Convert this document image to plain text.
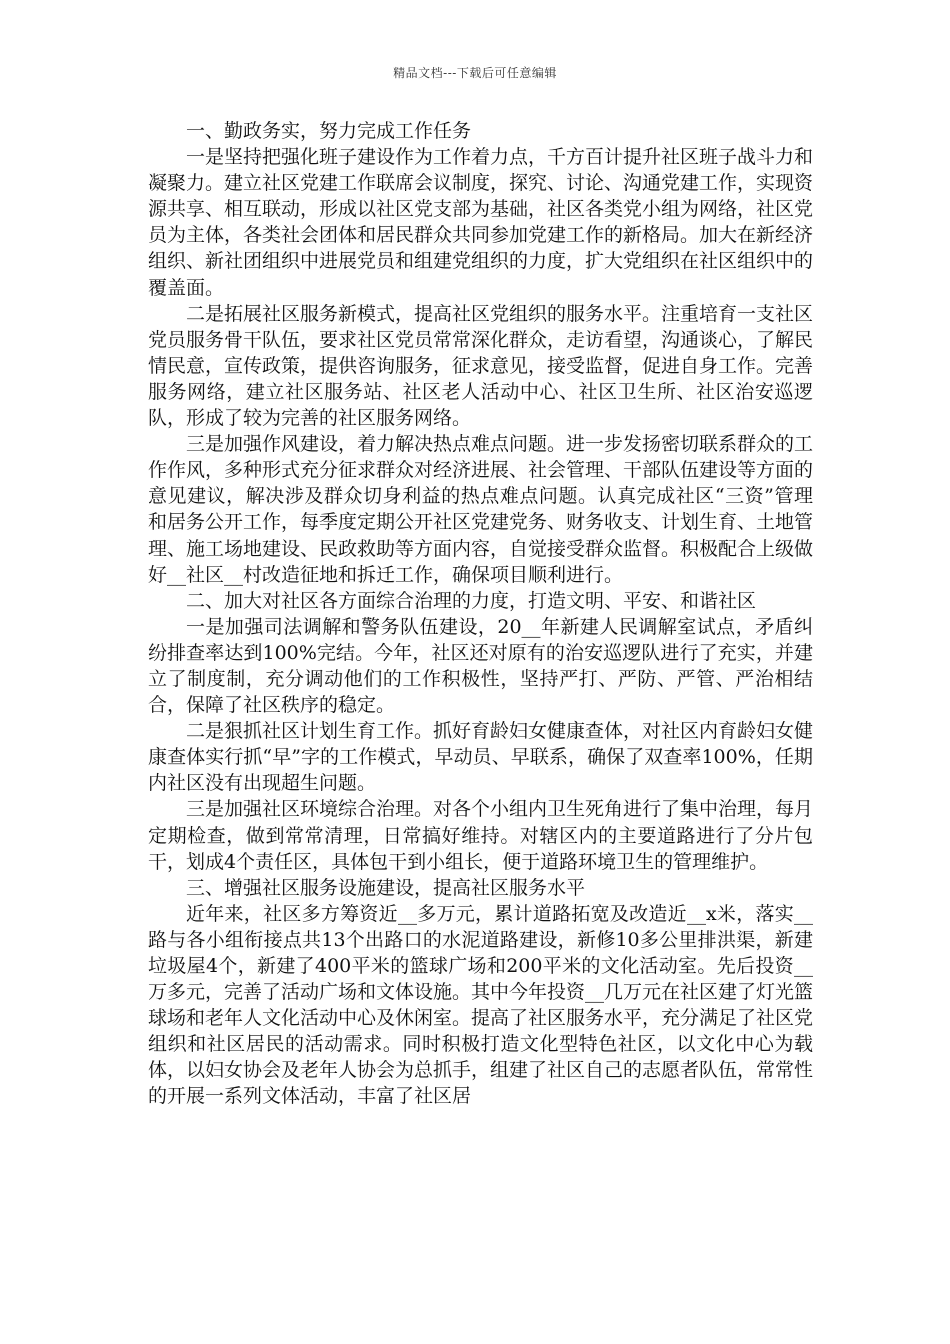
精品文档---下载后可任意编辑

一、勤政务实，努力完成工作任务

一是坚持把强化班子建设作为工作着力点，千方百计提升社区班子战斗力和凝聚力。建立社区党建工作联席会议制度，探究、讨论、沟通党建工作，实现资源共享、相互联动，形成以社区党支部为基础，社区各类党小组为网络，社区党员为主体，各类社会团体和居民群众共同参加党建工作的新格局。加大在新经济组织、新社团组织中进展党员和组建党组织的力度，扩大党组织在社区组织中的覆盖面。

二是拓展社区服务新模式，提高社区党组织的服务水平。注重培育一支社区党员服务骨干队伍，要求社区党员常常深化群众，走访看望，沟通谈心，了解民情民意，宣传政策，提供咨询服务，征求意见，接受监督，促进自身工作。完善服务网络，建立社区服务站、社区老人活动中心、社区卫生所、社区治安巡逻队，形成了较为完善的社区服务网络。

三是加强作风建设，着力解决热点难点问题。进一步发扬密切联系群众的工作作风，多种形式充分征求群众对经济进展、社会管理、干部队伍建设等方面的意见建议，解决涉及群众切身利益的热点难点问题。认真完成社区“三资”管理和居务公开工作，每季度定期公开社区党建党务、财务收支、计划生育、土地管理、施工场地建设、民政救助等方面内容，自觉接受群众监督。积极配合上级做好__社区__村改造征地和拆迁工作，确保项目顺利进行。

二、加大对社区各方面综合治理的力度，打造文明、平安、和谐社区

一是加强司法调解和警务队伍建设，20__年新建人民调解室试点，矛盾纠纷排查率达到100%完结。今年，社区还对原有的治安巡逻队进行了充实，并建立了制度制，充分调动他们的工作积极性，坚持严打、严防、严管、严治相结合，保障了社区秩序的稳定。

二是狠抓社区计划生育工作。抓好育龄妇女健康查体，对社区内育龄妇女健康查体实行抓“早”字的工作模式，早动员、早联系，确保了双查率100%，任期内社区没有出现超生问题。

三是加强社区环境综合治理。对各个小组内卫生死角进行了集中治理，每月定期检查，做到常常清理，日常搞好维持。对辖区内的主要道路进行了分片包干，划成4个责任区，具体包干到小组长，便于道路环境卫生的管理维护。

三、增强社区服务设施建设，提高社区服务水平

近年来，社区多方筹资近__多万元，累计道路拓宽及改造近__x米，落实__路与各小组衔接点共13个出路口的水泥道路建设，新修10多公里排洪渠，新建垃圾屋4个，新建了400平米的篮球广场和200平米的文化活动室。先后投资__万多元，完善了活动广场和文体设施。其中今年投资__几万元在社区建了灯光篮球场和老年人文化活动中心及休闲室。提高了社区服务水平，充分满足了社区党组织和社区居民的活动需求。同时积极打造文化型特色社区，以文化中心为载体，以妇女协会及老年人协会为总抓手，组建了社区自己的志愿者队伍，常常性的开展一系列文体活动，丰富了社区居
